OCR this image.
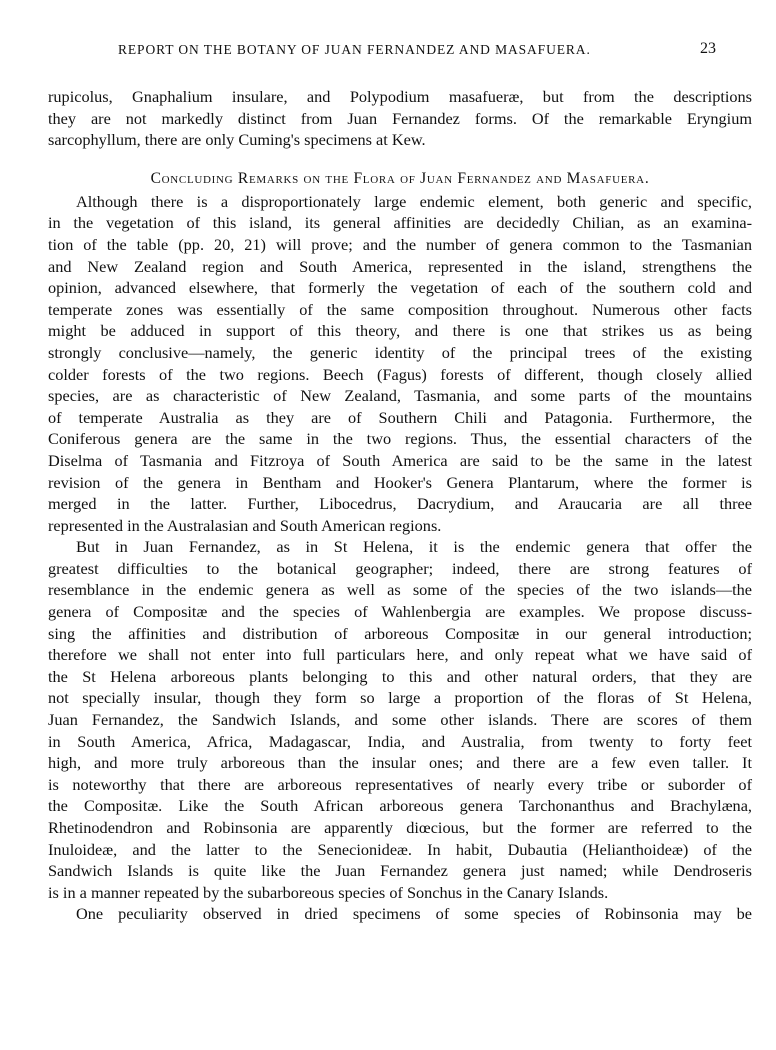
REPORT ON THE BOTANY OF JUAN FERNANDEZ AND MASAFUERA.	23
rupicolus, Gnaphalium insulare, and Polypodium masafueræ, but from the descriptions
they are not markedly distinct from Juan Fernandez forms. Of the remarkable Eryngium
sarcophyllum, there are only Cuming's specimens at Kew.
Concluding Remarks on the Flora of Juan Fernandez and Masafuera.
Although there is a disproportionately large endemic element, both generic and specific,
in the vegetation of this island, its general affinities are decidedly Chilian, as an examina-
tion of the table (pp. 20, 21) will prove; and the number of genera common to the Tasmanian
and New Zealand region and South America, represented in the island, strengthens the
opinion, advanced elsewhere, that formerly the vegetation of each of the southern cold and
temperate zones was essentially of the same composition throughout. Numerous other facts
might be adduced in support of this theory, and there is one that strikes us as being
strongly conclusive—namely, the generic identity of the principal trees of the existing
colder forests of the two regions. Beech (Fagus) forests of different, though closely allied
species, are as characteristic of New Zealand, Tasmania, and some parts of the mountains
of temperate Australia as they are of Southern Chili and Patagonia. Furthermore, the
Coniferous genera are the same in the two regions. Thus, the essential characters of the
Diselma of Tasmania and Fitzroya of South America are said to be the same in the latest
revision of the genera in Bentham and Hooker's Genera Plantarum, where the former is
merged in the latter. Further, Libocedrus, Dacrydium, and Araucaria are all three
represented in the Australasian and South American regions.
But in Juan Fernandez, as in St Helena, it is the endemic genera that offer the
greatest difficulties to the botanical geographer; indeed, there are strong features of
resemblance in the endemic genera as well as some of the species of the two islands—the
genera of Compositæ and the species of Wahlenbergia are examples. We propose discuss-
sing the affinities and distribution of arboreous Compositæ in our general introduction;
therefore we shall not enter into full particulars here, and only repeat what we have said of
the St Helena arboreous plants belonging to this and other natural orders, that they are
not specially insular, though they form so large a proportion of the floras of St Helena,
Juan Fernandez, the Sandwich Islands, and some other islands. There are scores of them
in South America, Africa, Madagascar, India, and Australia, from twenty to forty feet
high, and more truly arboreous than the insular ones; and there are a few even taller. It
is noteworthy that there are arboreous representatives of nearly every tribe or suborder of
the Compositæ. Like the South African arboreous genera Tarchonanthus and Brachylæna,
Rhetinodendron and Robinsonia are apparently diœcious, but the former are referred to the
Inuloideæ, and the latter to the Senecionideæ. In habit, Dubautia (Helianthoideæ) of the
Sandwich Islands is quite like the Juan Fernandez genera just named; while Dendroseris
is in a manner repeated by the subarboreous species of Sonchus in the Canary Islands.
One peculiarity observed in dried specimens of some species of Robinsonia may be
